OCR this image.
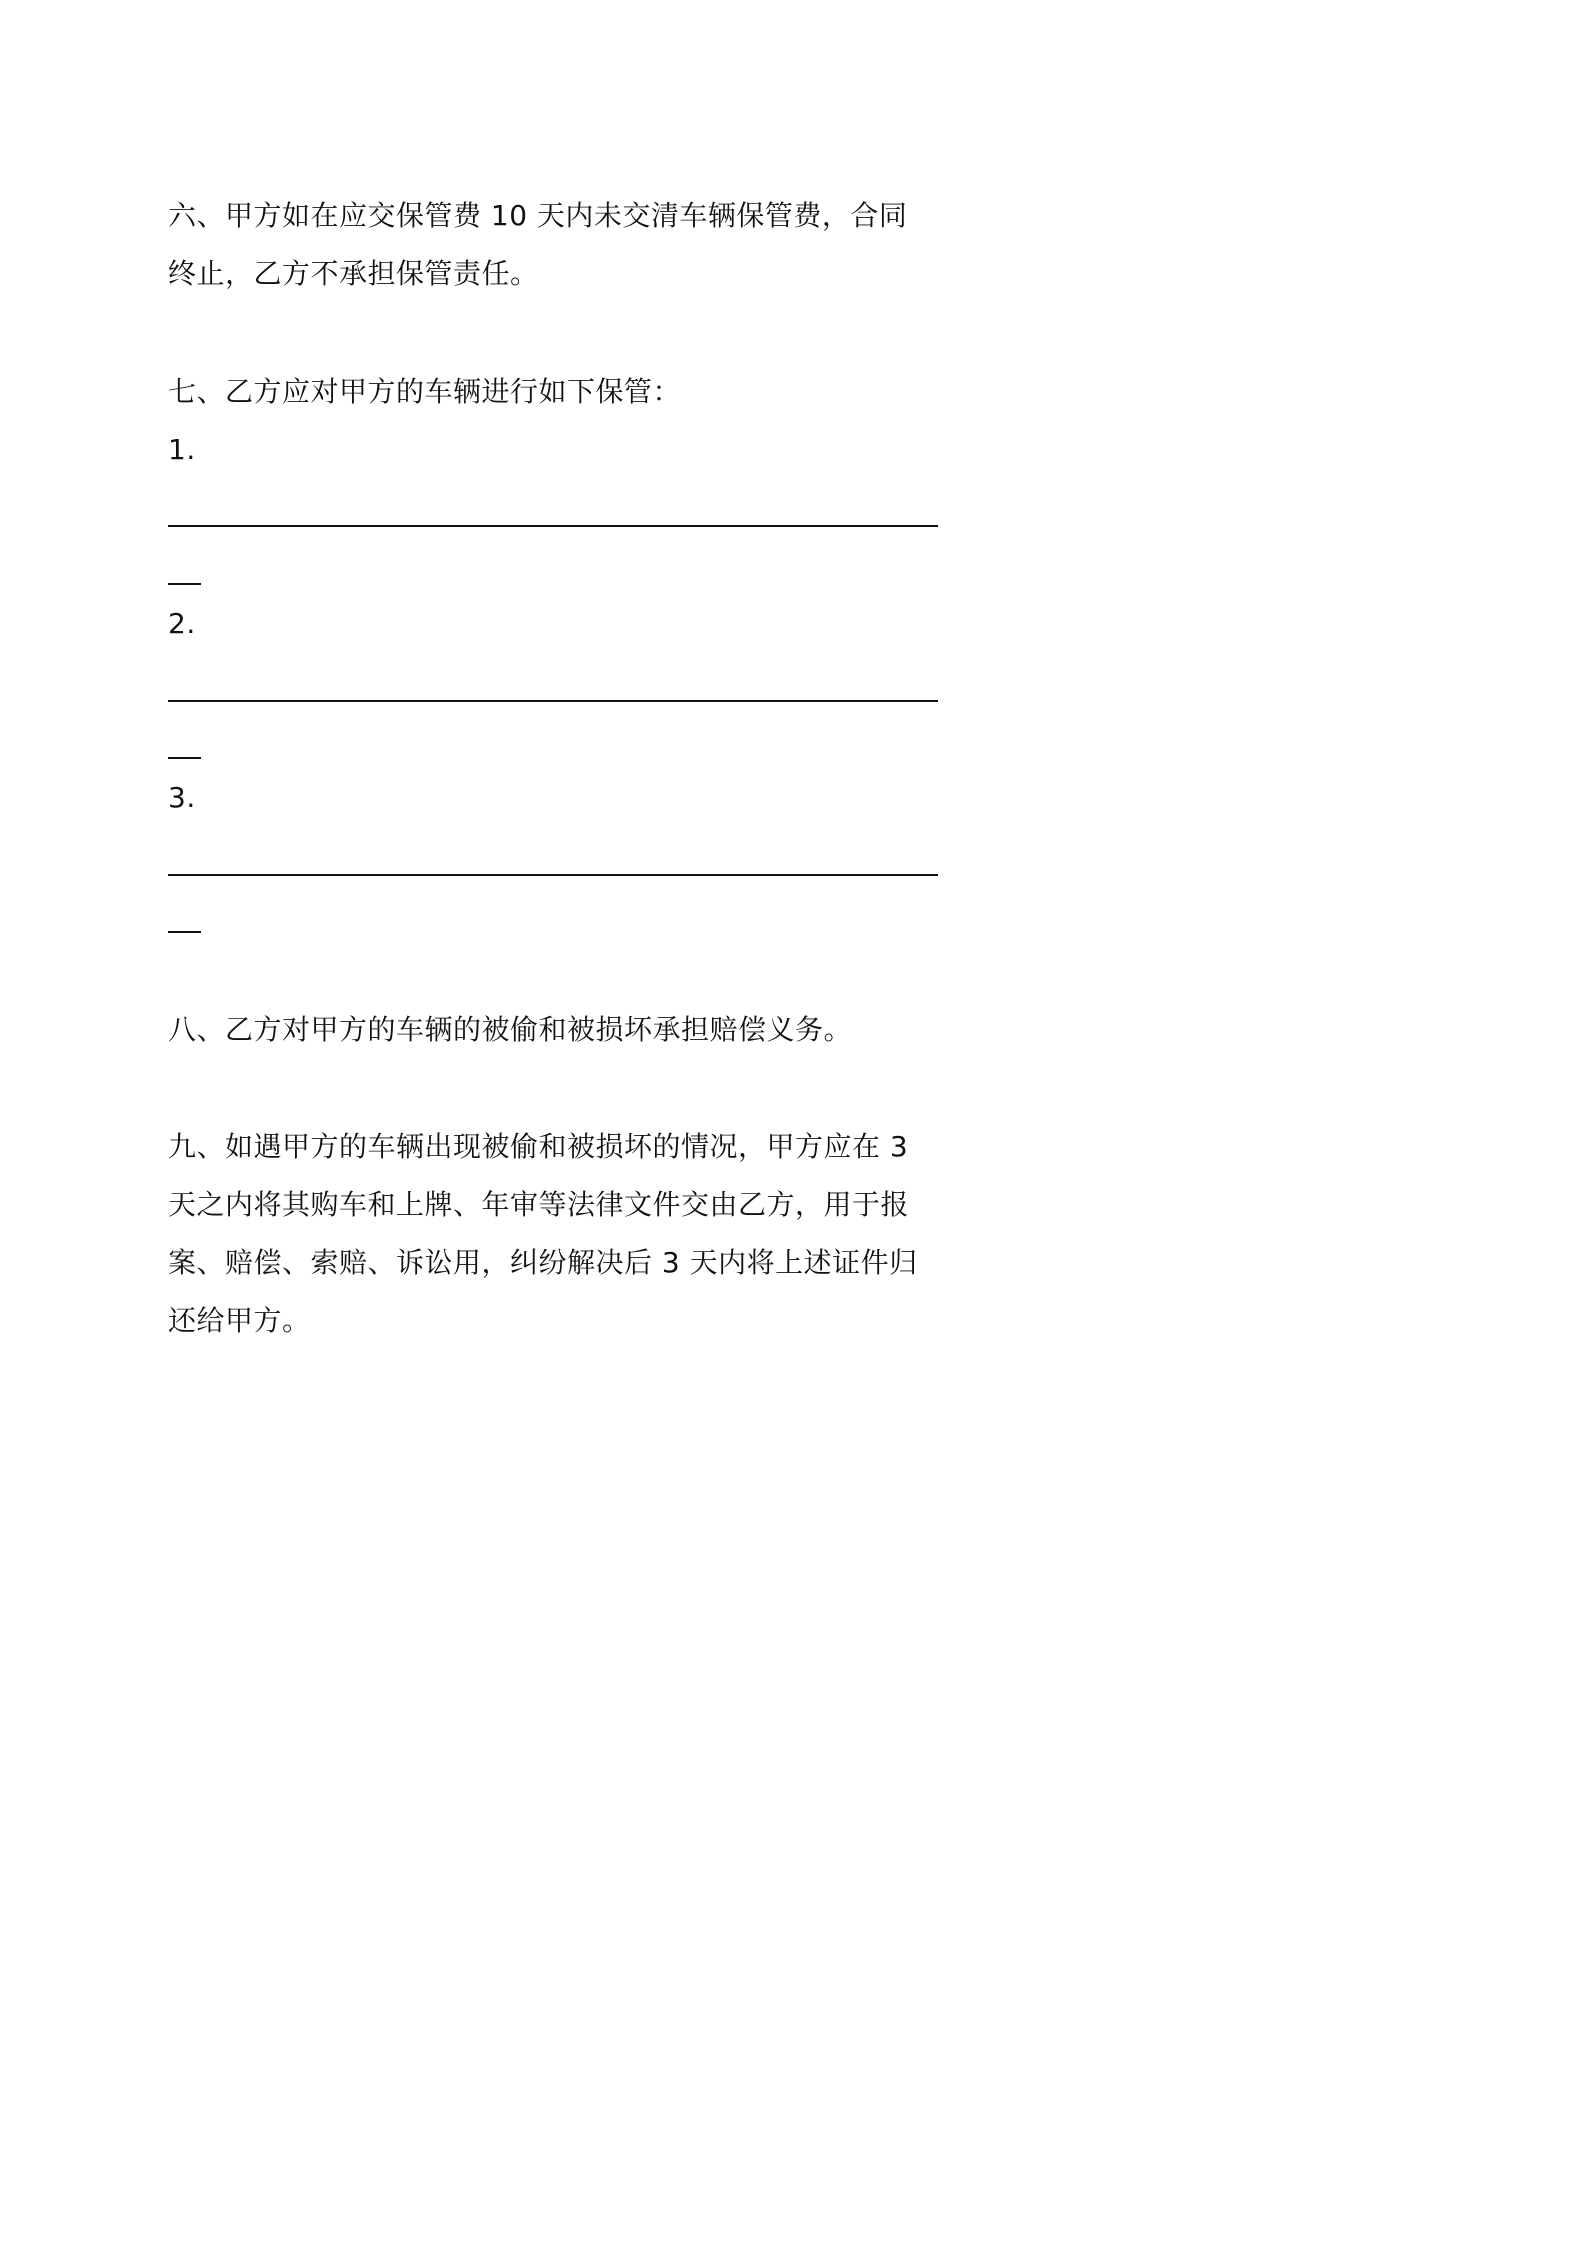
六、甲方如在应交保管费 10 天内未交清车辆保管费，合同
终止，乙方不承担保管责任。
七、乙方应对甲方的车辆进行如下保管：
1.
2.
3.
八、乙方对甲方的车辆的被偷和被损坏承担赔偿义务。
九、如遇甲方的车辆出现被偷和被损坏的情况，甲方应在 3
天之内将其购车和上牌、年审等法律文件交由乙方，用于报
案、赔偿、索赔、诉讼用，纠纷解决后 3 天内将上述证件归
还给甲方。
